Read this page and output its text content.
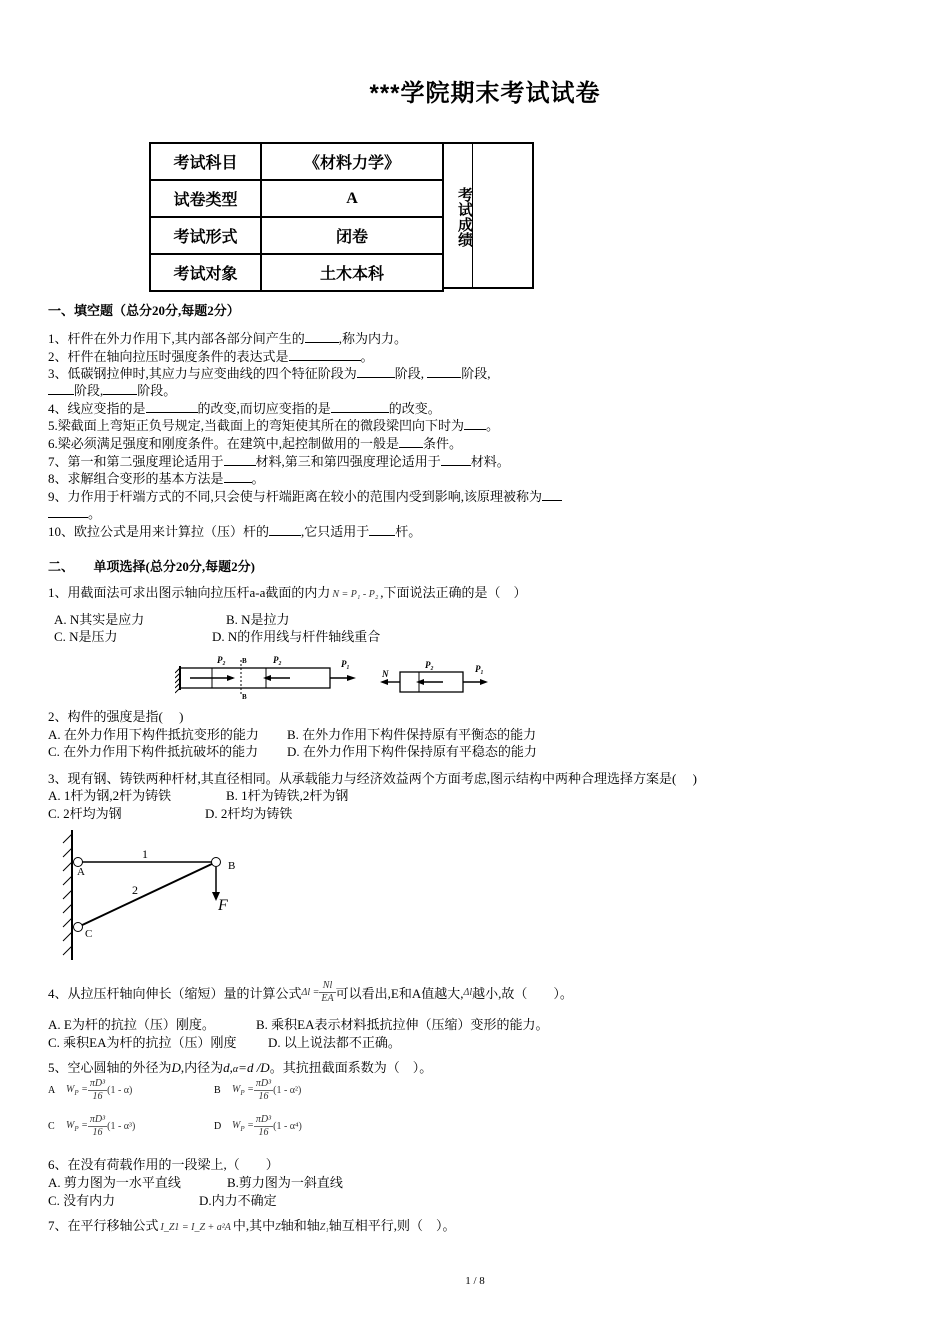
***学院期末考试试卷
考试科目	《材料力学》
试卷类型	A
考试形式	闭卷
考试对象	土木本科
考试成绩
一、填空题（总分20分,每题2分）
1、杆件在外力作用下,其内部各部分间产生的	,称为内力。
2、杆件在轴向拉压时强度条件的表达式是	。
3、低碳钢拉伸时,其应力与应变曲线的四个特征阶段为	阶段,	阶段,
阶段,	阶段。
4、线应变指的是	的改变,而切应变指的是	的改变。
5.梁截面上弯矩正负号规定,当截面上的弯矩使其所在的微段梁凹向下时为 。
6.梁必须满足强度和刚度条件。在建筑中,起控制做用的一般是 条件。
7、第一和第二强度理论适用于 材料,第三和第四强度理论适用于 材料。
8、求解组合变形的基本方法是 。
9、力作用于杆端方式的不同,只会使与杆端距离在较小的范围内受到影响,该原理被称为
。
10、欧拉公式是用来计算拉（压）杆的 ,它只适用于 杆。
二、　　单项选择(总分20分,每题2分)
1、用截面法可求出图示轴向拉压杆a-a截面的内力 N = P₁ - P₂ ,下面说法正确的是（　）
A. N其实是应力	B. N是拉力
C. N是压力	D. N的作用线与杆件轴线重合
P₂ B
B
P₂	P₁
N
P₂	P₁
2、构件的强度是指(　 )
A. 在外力作用下构件抵抗变形的能力 B. 在外力作用下构件保持原有平衡态的能力
C. 在外力作用下构件抵抗破坏的能力 D. 在外力作用下构件保持原有平稳态的能力
3、现有钢、铸铁两种杆材,其直径相同。从承载能力与经济效益两个方面考虑,图示结构中两种合理选择方案是(　 )
A. 1杆为钢,2杆为铸铁	B. 1杆为铸铁,2杆为钢
C. 2杆均为钢	D. 2杆均为铸铁
1
2
A	B
C
F
4、从拉压杆轴向伸长（缩短）量的计算公式$\Delta l = \frac{Nl}{EA}$ 可以看出,E和A值越大,Δl越小,故（　　）。
A. E为杆的抗拉（压）刚度。	B. 乘积EA表示材料抵抗拉伸（压缩）变形的能力。
C. 乘积EA为杆的抗拉（压）刚度 D. 以上说法都不正确。
5、空心圆轴的外径为D,内径为d,α=d /D。其抗扭截面系数为（　）。
A $W_P = \frac{\text{πD³}}{16} (1 - \alpha)$	B $W_P = \frac{\text{πD³}}{16} (1 - \alpha^2)$
C $W_P = \frac{\text{πD³}}{16} (1 - \alpha^3)$	D $W_P = \frac{\text{πD³}}{16} (1 - \alpha^4)$
6、在没有荷载作用的一段梁上,（　　）
A. 剪力图为一水平直线	B.剪力图为一斜直线
C. 没有内力	D.内力不确定
7、在平行移轴公式 I_Z1 = I_Z + a²A 中,其中Z轴和轴Z₁轴互相平行,则（　）。
1 / 8
